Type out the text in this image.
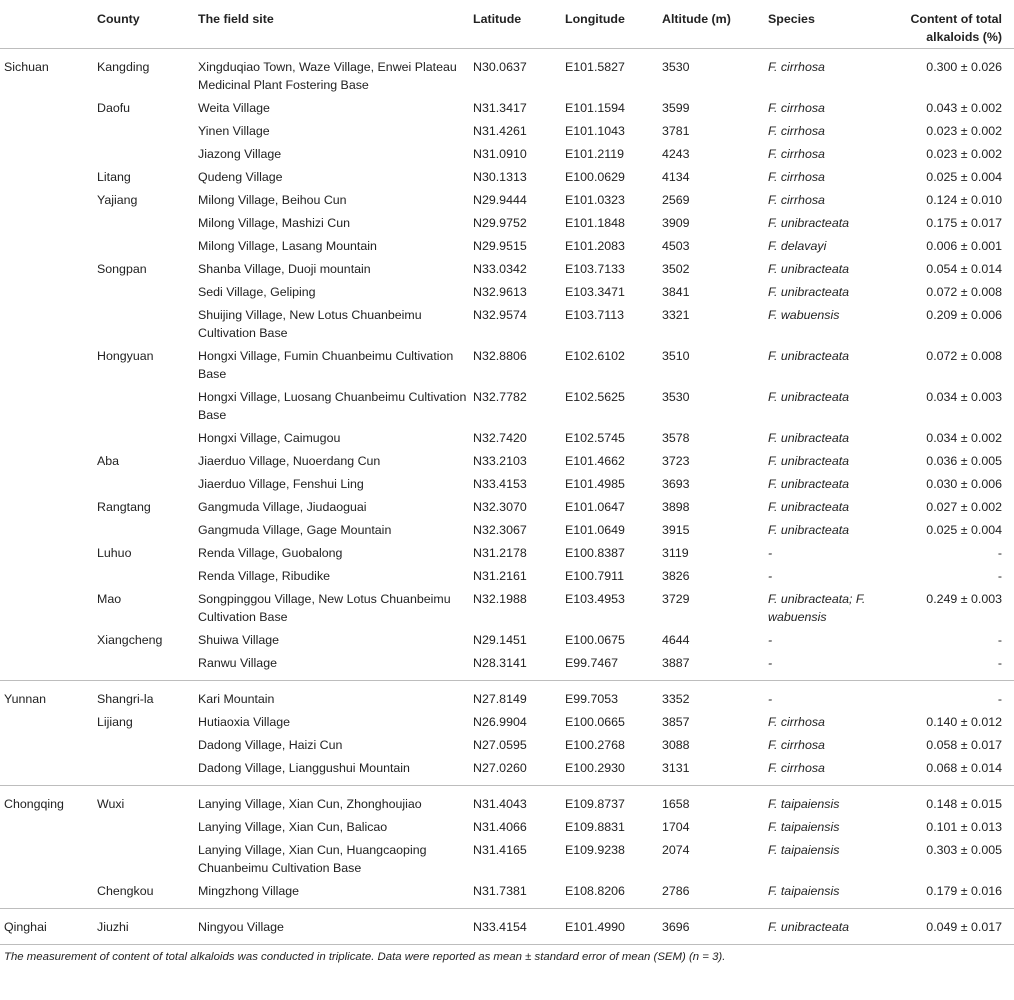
	County	The field site	Latitude	Longitude	Altitude (m)	Species	Content of total alkaloids (%)
Sichuan	Kangding	Xingduqiao Town, Waze Village, Enwei Plateau Medicinal Plant Fostering Base	N30.0637	E101.5827	3530	F. cirrhosa	0.300 ± 0.026
	Daofu	Weita Village	N31.3417	E101.1594	3599	F. cirrhosa	0.043 ± 0.002
		Yinen Village	N31.4261	E101.1043	3781	F. cirrhosa	0.023 ± 0.002
		Jiazong Village	N31.0910	E101.2119	4243	F. cirrhosa	0.023 ± 0.002
	Litang	Qudeng Village	N30.1313	E100.0629	4134	F. cirrhosa	0.025 ± 0.004
	Yajiang	Milong Village, Beihou Cun	N29.9444	E101.0323	2569	F. cirrhosa	0.124 ± 0.010
		Milong Village, Mashizi Cun	N29.9752	E101.1848	3909	F. unibracteata	0.175 ± 0.017
		Milong Village, Lasang Mountain	N29.9515	E101.2083	4503	F. delavayi	0.006 ± 0.001
	Songpan	Shanba Village, Duoji mountain	N33.0342	E103.7133	3502	F. unibracteata	0.054 ± 0.014
		Sedi Village, Geliping	N32.9613	E103.3471	3841	F. unibracteata	0.072 ± 0.008
		Shuijing Village, New Lotus Chuanbeimu Cultivation Base	N32.9574	E103.7113	3321	F. wabuensis	0.209 ± 0.006
	Hongyuan	Hongxi Village, Fumin Chuanbeimu Cultivation Base	N32.8806	E102.6102	3510	F. unibracteata	0.072 ± 0.008
		Hongxi Village, Luosang Chuanbeimu Cultivation Base	N32.7782	E102.5625	3530	F. unibracteata	0.034 ± 0.003
		Hongxi Village, Caimugou	N32.7420	E102.5745	3578	F. unibracteata	0.034 ± 0.002
	Aba	Jiaerduo Village, Nuoerdang Cun	N33.2103	E101.4662	3723	F. unibracteata	0.036 ± 0.005
		Jiaerduo Village, Fenshui Ling	N33.4153	E101.4985	3693	F. unibracteata	0.030 ± 0.006
	Rangtang	Gangmuda Village, Jiudaoguai	N32.3070	E101.0647	3898	F. unibracteata	0.027 ± 0.002
		Gangmuda Village, Gage Mountain	N32.3067	E101.0649	3915	F. unibracteata	0.025 ± 0.004
	Luhuo	Renda Village, Guobalong	N31.2178	E100.8387	3119	-	-
		Renda Village, Ribudike	N31.2161	E100.7911	3826	-	-
	Mao	Songpinggou Village, New Lotus Chuanbeimu Cultivation Base	N32.1988	E103.4953	3729	F. unibracteata; F. wabuensis	0.249 ± 0.003
	Xiangcheng	Shuiwa Village	N29.1451	E100.0675	4644	-	-
		Ranwu Village	N28.3141	E99.7467	3887	-	-
Yunnan	Shangri-la	Kari Mountain	N27.8149	E99.7053	3352	-	-
	Lijiang	Hutiaoxia Village	N26.9904	E100.0665	3857	F. cirrhosa	0.140 ± 0.012
		Dadong Village, Haizi Cun	N27.0595	E100.2768	3088	F. cirrhosa	0.058 ± 0.017
		Dadong Village, Lianggushui Mountain	N27.0260	E100.2930	3131	F. cirrhosa	0.068 ± 0.014
Chongqing	Wuxi	Lanying Village, Xian Cun, Zhonghoujiao	N31.4043	E109.8737	1658	F. taipaiensis	0.148 ± 0.015
		Lanying Village, Xian Cun, Balicao	N31.4066	E109.8831	1704	F. taipaiensis	0.101 ± 0.013
		Lanying Village, Xian Cun, Huangcaoping Chuanbeimu Cultivation Base	N31.4165	E109.9238	2074	F. taipaiensis	0.303 ± 0.005
	Chengkou	Mingzhong Village	N31.7381	E108.8206	2786	F. taipaiensis	0.179 ± 0.016
Qinghai	Jiuzhi	Ningyou Village	N33.4154	E101.4990	3696	F. unibracteata	0.049 ± 0.017
The measurement of content of total alkaloids was conducted in triplicate. Data were reported as mean ± standard error of mean (SEM) (n = 3).
